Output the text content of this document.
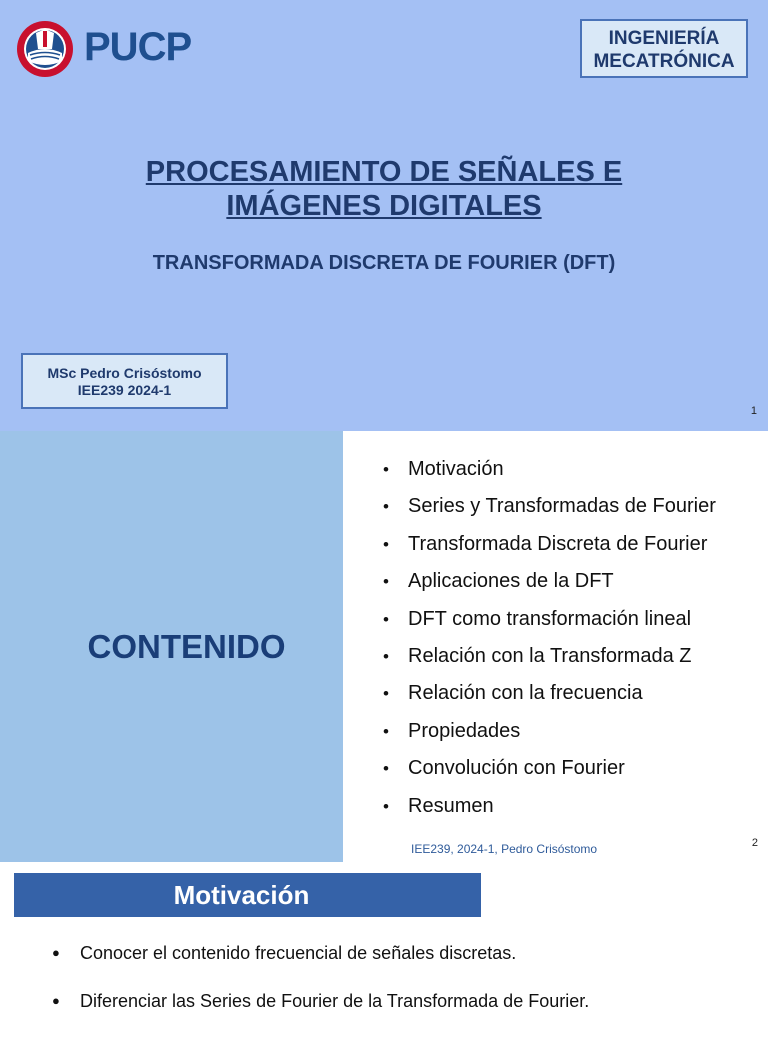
PUCP	INGENIERÍA
MECATRÓNICA
PROCESAMIENTO DE SEÑALES E
IMÁGENES DIGITALES
TRANSFORMADA DISCRETA DE FOURIER (DFT)
MSc Pedro Crisóstomo
IEE239 2024-1
1
CONTENIDO
• Motivación
• Series y Transformadas de Fourier
• Transformada Discreta de Fourier
• Aplicaciones de la DFT
• DFT como transformación lineal
• Relación con la Transformada Z
• Relación con la frecuencia
• Propiedades
• Convolución con Fourier
• Resumen
IEE239, 2024-1, Pedro Crisóstomo	2
Motivación
● Conocer el contenido frecuencial de señales discretas.
● Diferenciar las Series de Fourier de la Transformada de Fourier.
